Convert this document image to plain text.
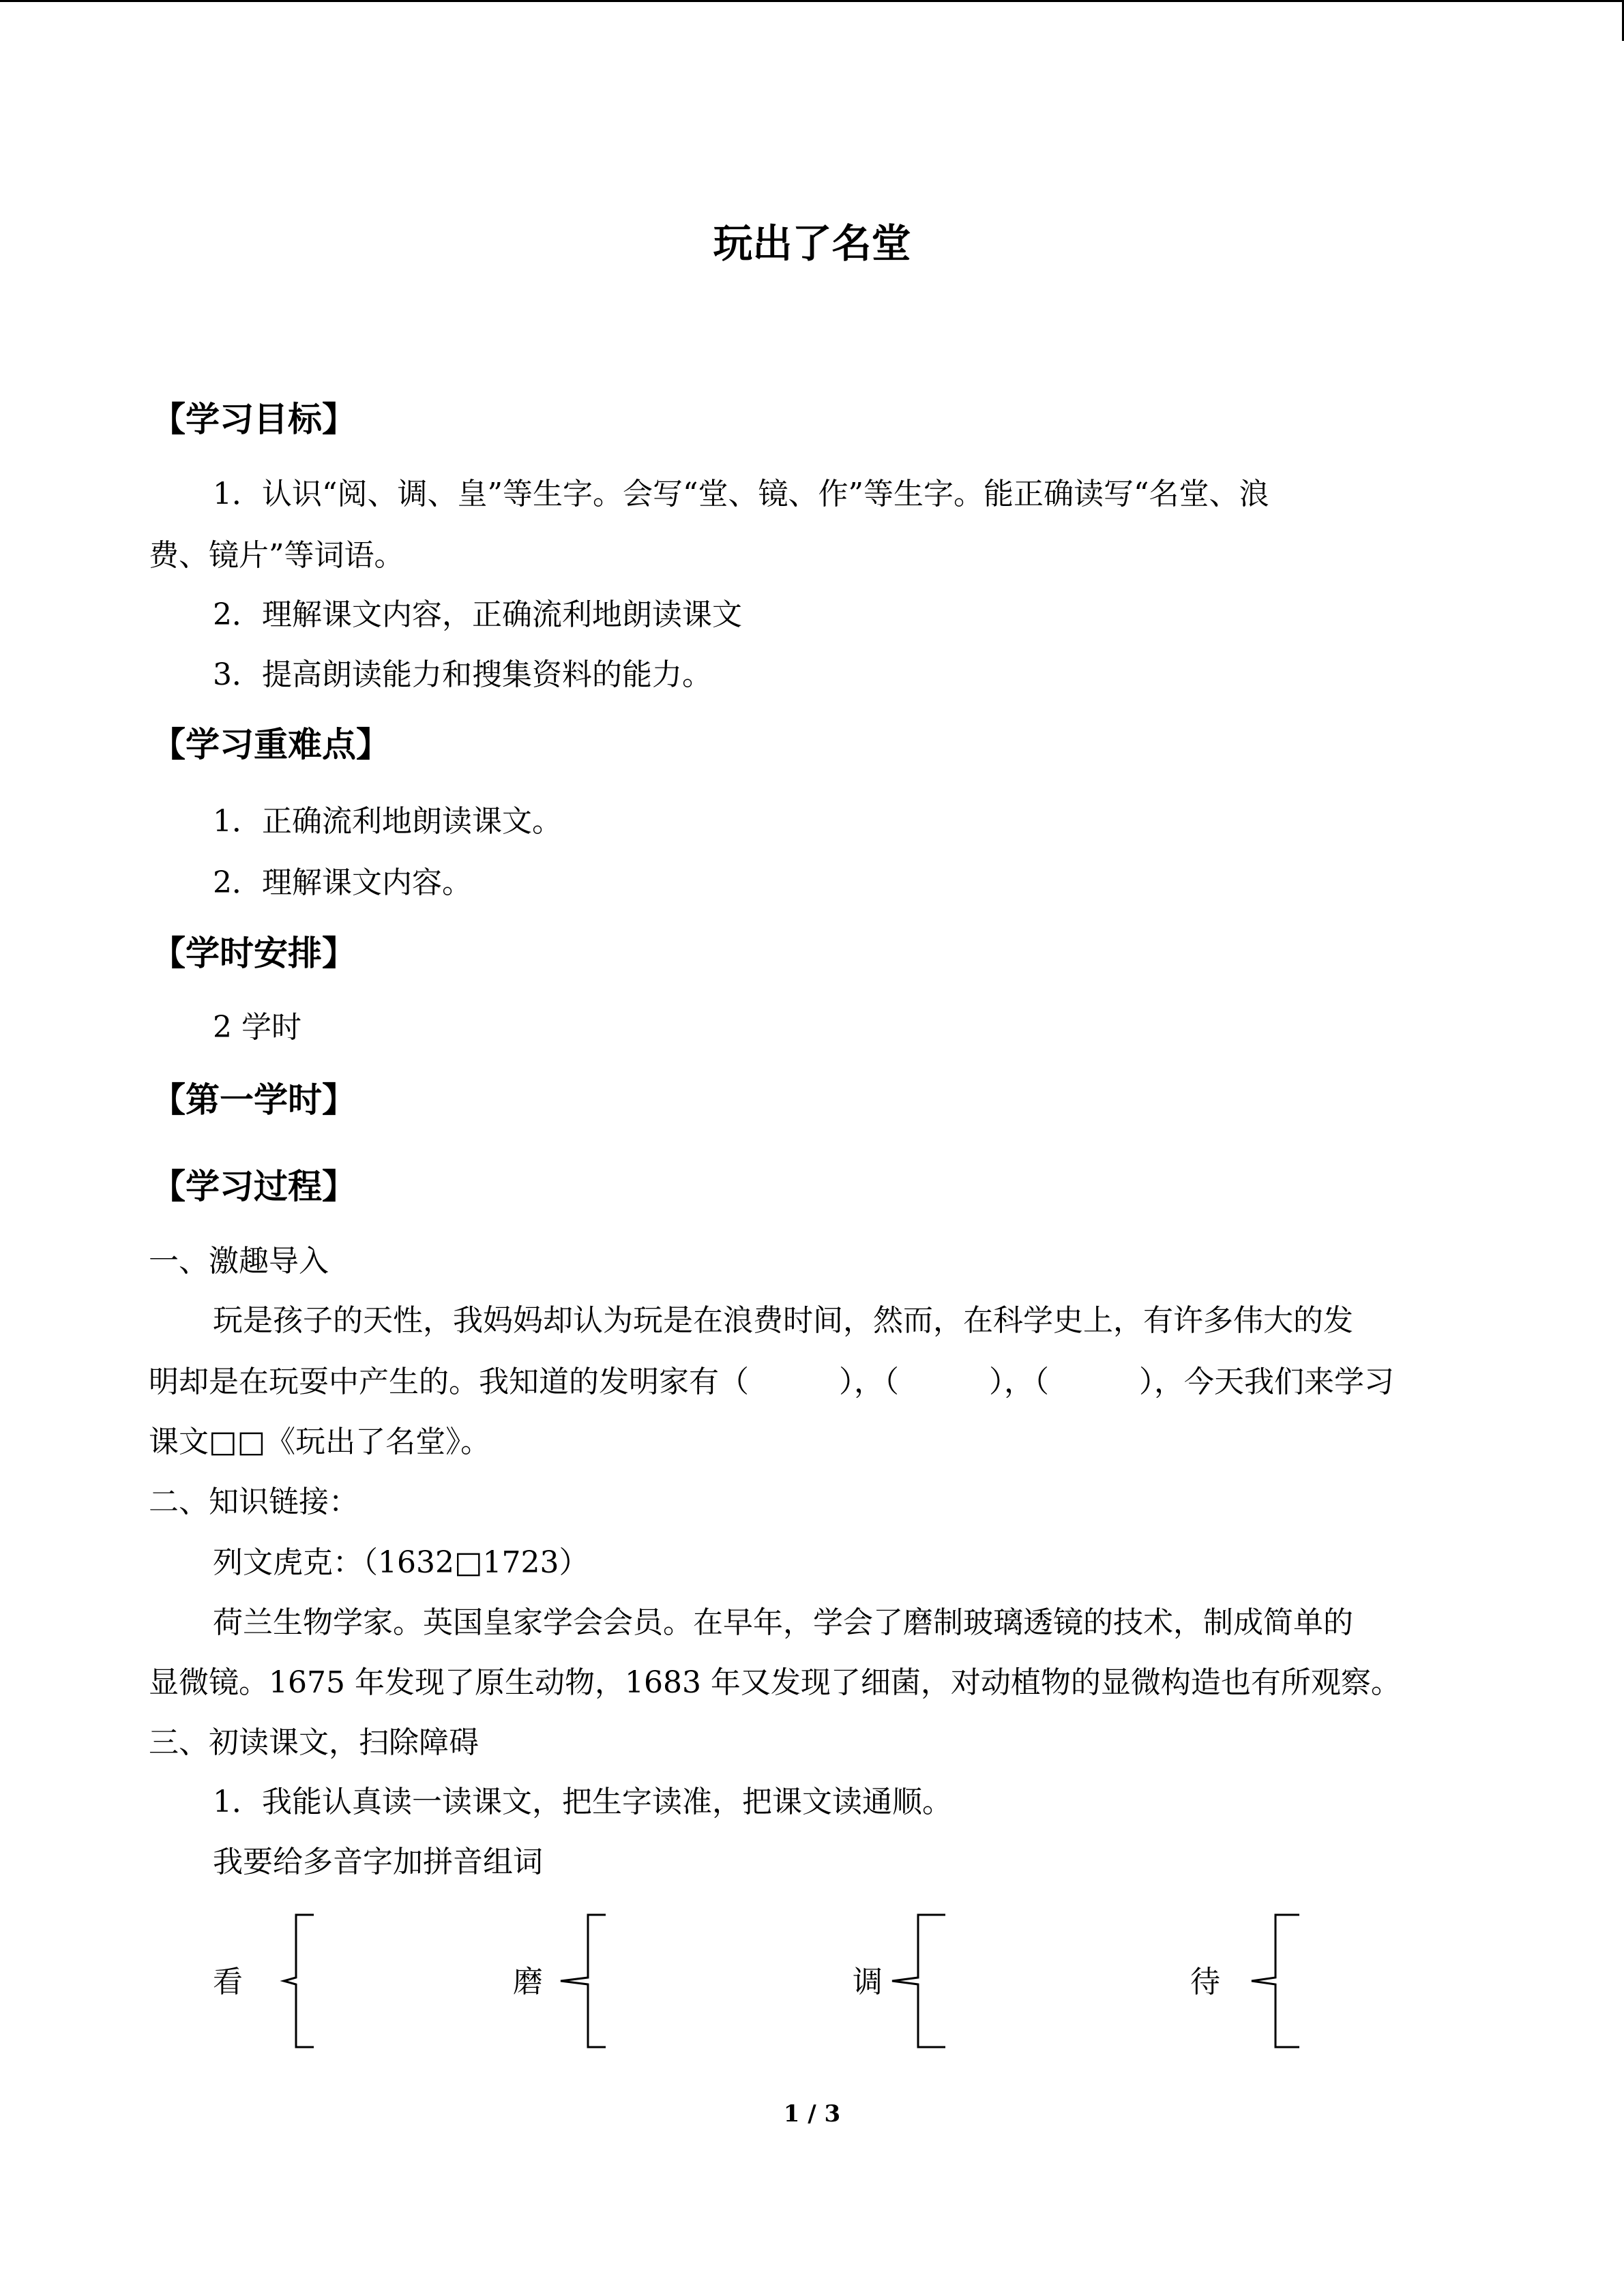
玩出了名堂
【学习目标】
1．认识“阅、调、皇”等生字。会写“堂、镜、作”等生字。能正确读写“名堂、浪
费、镜片”等词语。
2．理解课文内容，正确流利地朗读课文
3．提高朗读能力和搜集资料的能力。
【学习重难点】
1．正确流利地朗读课文。
2．理解课文内容。
【学时安排】
2 学时
【第一学时】
【学习过程】
一、激趣导入
玩是孩子的天性，我妈妈却认为玩是在浪费时间，然而，在科学史上，有许多伟大的发
明却是在玩耍中产生的。我知道的发明家有（　　　），（　　　），（　　　），今天我们来学习
课文□□《玩出了名堂》。
二、知识链接：
列文虎克：（1632□1723）
荷兰生物学家。英国皇家学会会员。在早年，学会了磨制玻璃透镜的技术，制成简单的
显微镜。1675 年发现了原生动物，1683 年又发现了细菌，对动植物的显微构造也有所观察。
三、初读课文，扫除障碍
1．我能认真读一读课文，把生字读准，把课文读通顺。
我要给多音字加拼音组词
看	磨	调	待
1 / 3
